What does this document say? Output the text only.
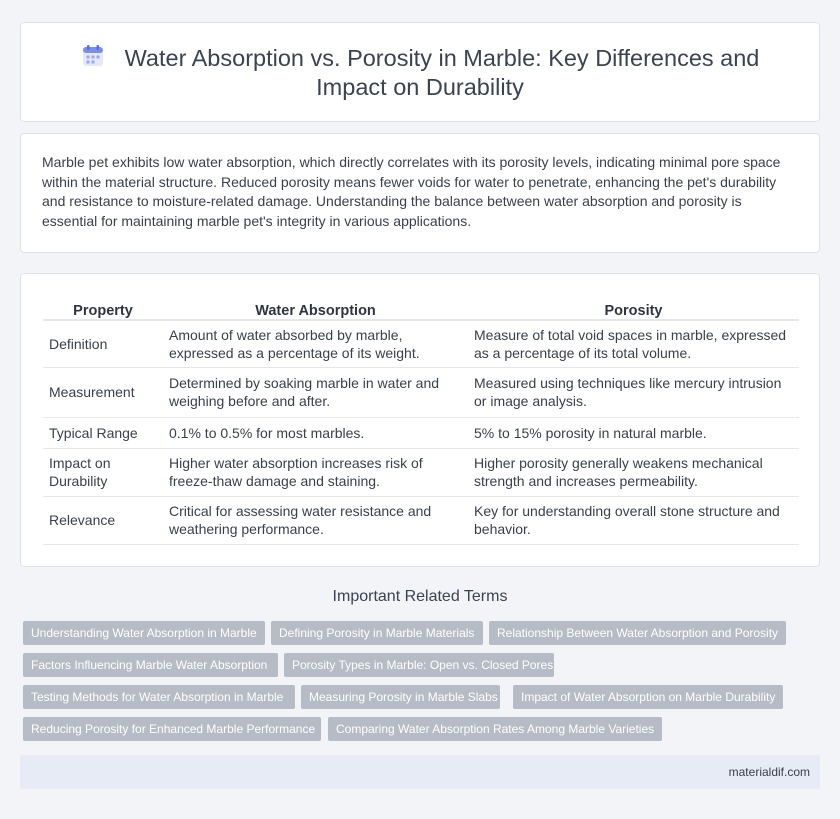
Water Absorption vs. Porosity in Marble: Key Differences and
Impact on Durability

Marble pet exhibits low water absorption, which directly correlates with its porosity levels, indicating minimal pore space within the material structure. Reduced porosity means fewer voids for water to penetrate, enhancing the pet's durability and resistance to moisture-related damage. Understanding the balance between water absorption and porosity is essential for maintaining marble pet's integrity in various applications.

Property	Water Absorption	Porosity
Definition	Amount of water absorbed by marble, expressed as a percentage of its weight.	Measure of total void spaces in marble, expressed as a percentage of its total volume.
Measurement	Determined by soaking marble in water and weighing before and after.	Measured using techniques like mercury intrusion or image analysis.
Typical Range	0.1% to 0.5% for most marbles.	5% to 15% porosity in natural marble.
Impact on Durability	Higher water absorption increases risk of freeze-thaw damage and staining.	Higher porosity generally weakens mechanical strength and increases permeability.
Relevance	Critical for assessing water resistance and weathering performance.	Key for understanding overall stone structure and behavior.
Important Related Terms
Understanding Water Absorption in Marble	Defining Porosity in Marble Materials	Relationship Between Water Absorption and Porosity
Factors Influencing Marble Water Absorption	Porosity Types in Marble: Open vs. Closed Pores
Testing Methods for Water Absorption in Marble	Measuring Porosity in Marble Slabs	Impact of Water Absorption on Marble Durability
Reducing Porosity for Enhanced Marble Performance	Comparing Water Absorption Rates Among Marble Varieties
materialdif.com
